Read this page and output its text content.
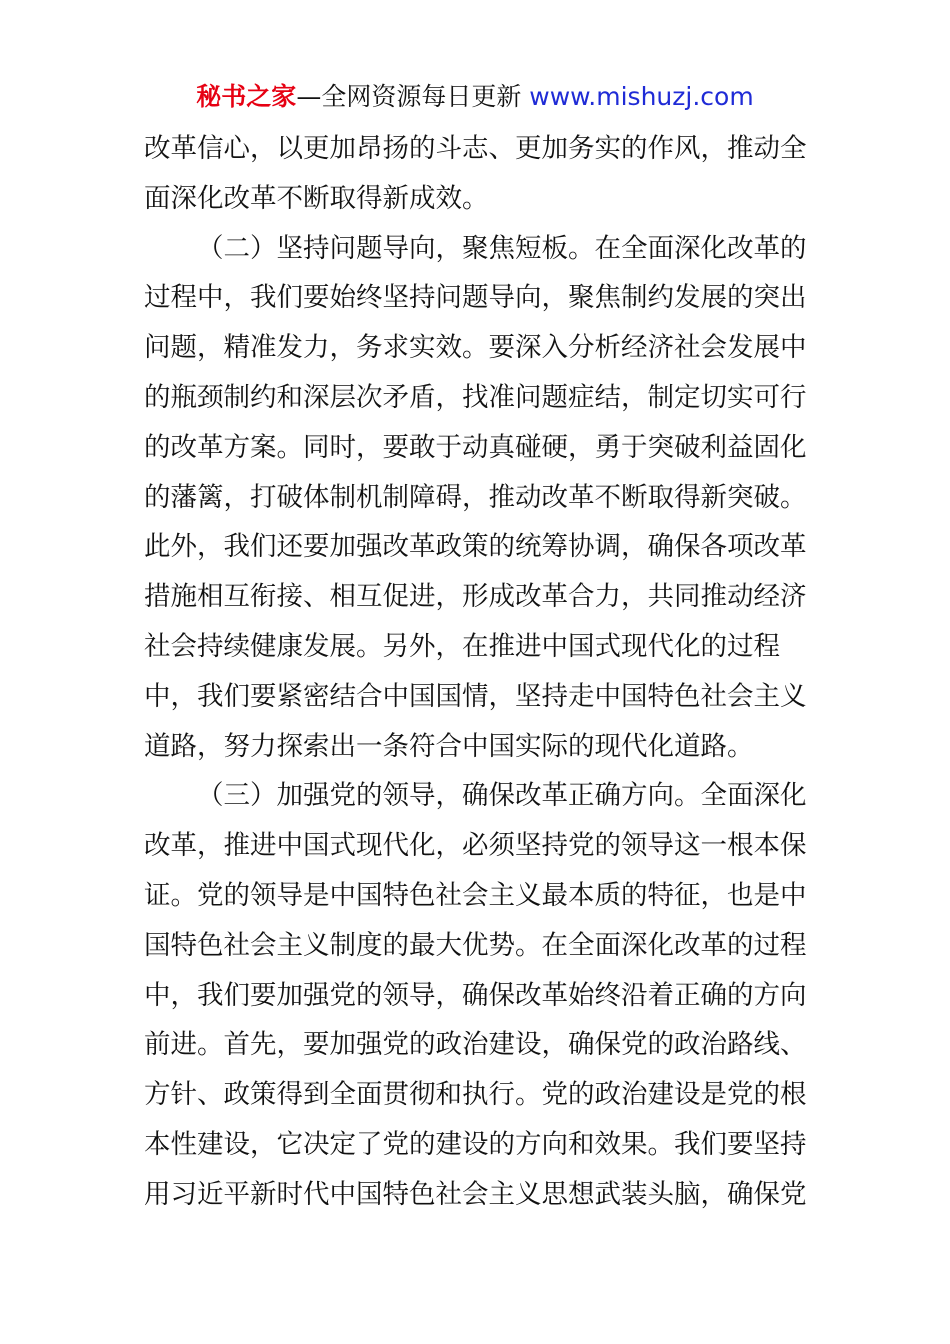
秘书之家—全网资源每日更新 www.mishuzj.com
改革信心，以更加昂扬的斗志、更加务实的作风，推动全
面深化改革不断取得新成效。
（二）坚持问题导向，聚焦短板。在全面深化改革的
过程中，我们要始终坚持问题导向，聚焦制约发展的突出
问题，精准发力，务求实效。要深入分析经济社会发展中
的瓶颈制约和深层次矛盾，找准问题症结，制定切实可行
的改革方案。同时，要敢于动真碰硬，勇于突破利益固化
的藩篱，打破体制机制障碍，推动改革不断取得新突破。
此外，我们还要加强改革政策的统筹协调，确保各项改革
措施相互衔接、相互促进，形成改革合力，共同推动经济
社会持续健康发展。另外，在推进中国式现代化的过程
中，我们要紧密结合中国国情，坚持走中国特色社会主义
道路，努力探索出一条符合中国实际的现代化道路。
（三）加强党的领导，确保改革正确方向。全面深化
改革，推进中国式现代化，必须坚持党的领导这一根本保
证。党的领导是中国特色社会主义最本质的特征，也是中
国特色社会主义制度的最大优势。在全面深化改革的过程
中，我们要加强党的领导，确保改革始终沿着正确的方向
前进。首先，要加强党的政治建设，确保党的政治路线、
方针、政策得到全面贯彻和执行。党的政治建设是党的根
本性建设，它决定了党的建设的方向和效果。我们要坚持
用习近平新时代中国特色社会主义思想武装头脑，确保党
